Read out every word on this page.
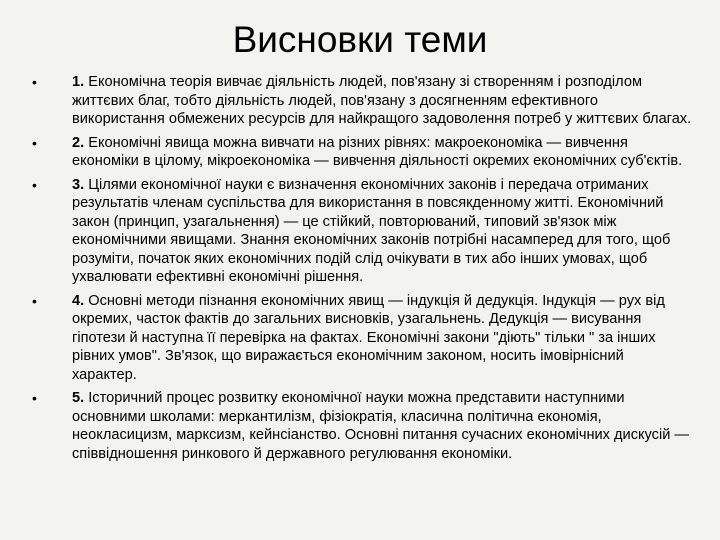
Висновки теми
•	1. Економічна теорія вивчає діяльність людей, пов'язану зі створенням і розподілом життєвих благ, тобто діяльність людей, пов'язану з досягненням ефективного використання обмежених ресурсів для найкращого задоволення потреб у життєвих благах.
•	2. Економічні явища можна вивчати на різних рівнях: макроекономіка — вивчення економіки в цілому, мікроекономіка — вивчення діяльності окремих економічних суб'єктів.
•	3. Цілями економічної науки є визначення економічних законів і передача отриманих результатів членам суспільства для використання в повсякденному житті. Економічний закон (принцип, узагальнення) — це стійкий, повторюваний, типовий зв'язок між економічними явищами. Знання економічних законів потрібні насамперед для того, щоб розуміти, початок яких економічних подій слід очікувати в тих або інших умовах, щоб ухвалювати ефективні економічні рішення.
•	4. Основні методи пізнання економічних явищ — індукція й дедукція. Індукція — рух від окремих, часток фактів до загальних висновків, узагальнень. Дедукція — висування гіпотези й наступна її перевірка на фактах. Економічні закони "діють" тільки " за інших рівних умов". Зв'язок, що виражається економічним законом, носить імовірнісний характер.
•	5. Історичний процес розвитку економічної науки можна представити наступними основними школами: меркантилізм, фізіократія, класична політична економія, неокласицизм, марксизм, кейнсіанство. Основні питання сучасних економічних дискусій — співвідношення ринкового й державного регулювання економіки.
